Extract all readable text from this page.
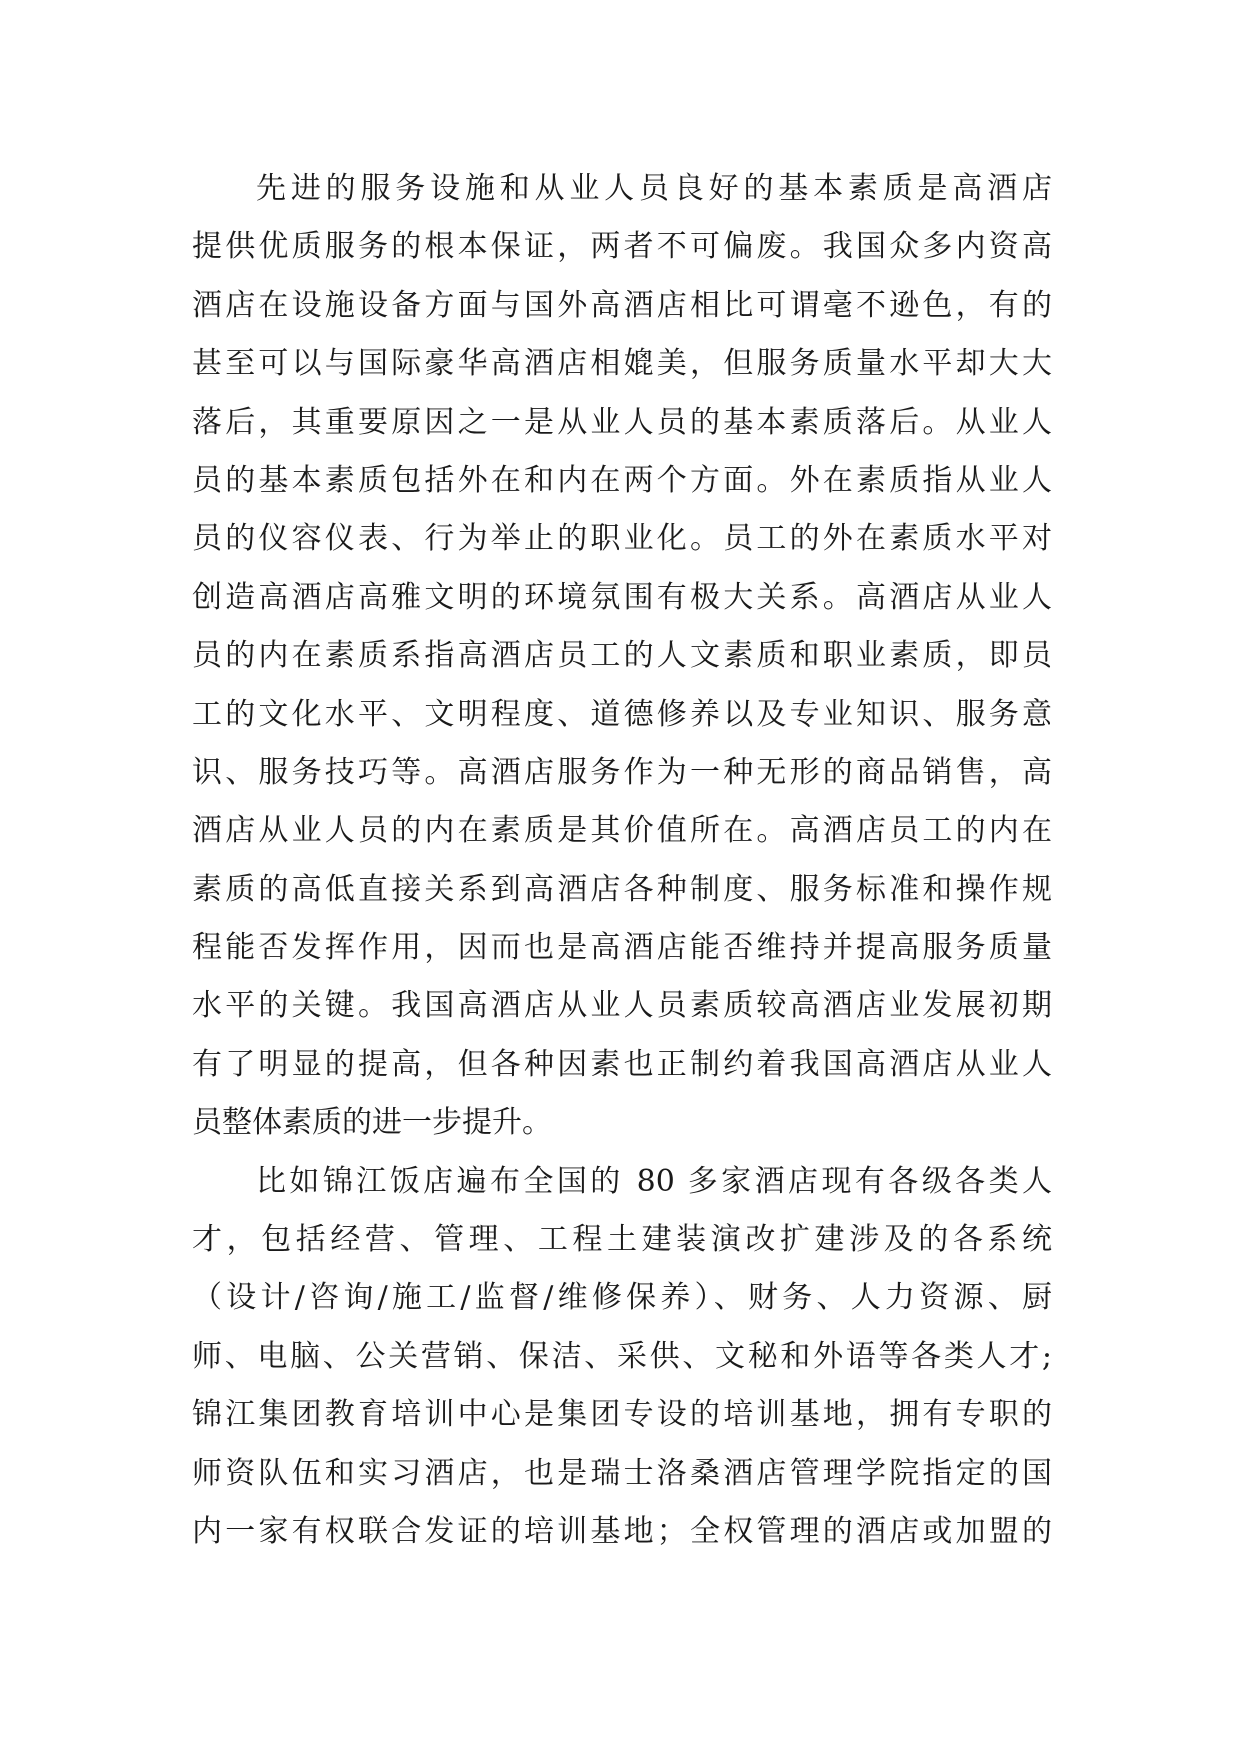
先进的服务设施和从业人员良好的基本素质是高酒店
提供优质服务的根本保证，两者不可偏废。我国众多内资高
酒店在设施设备方面与国外高酒店相比可谓毫不逊色，有的
甚至可以与国际豪华高酒店相媲美，但服务质量水平却大大
落后，其重要原因之一是从业人员的基本素质落后。从业人
员的基本素质包括外在和内在两个方面。外在素质指从业人
员的仪容仪表、行为举止的职业化。员工的外在素质水平对
创造高酒店高雅文明的环境氛围有极大关系。高酒店从业人
员的内在素质系指高酒店员工的人文素质和职业素质，即员
工的文化水平、文明程度、道德修养以及专业知识、服务意
识、服务技巧等。高酒店服务作为一种无形的商品销售，高
酒店从业人员的内在素质是其价值所在。高酒店员工的内在
素质的高低直接关系到高酒店各种制度、服务标准和操作规
程能否发挥作用，因而也是高酒店能否维持并提高服务质量
水平的关键。我国高酒店从业人员素质较高酒店业发展初期
有了明显的提高，但各种因素也正制约着我国高酒店从业人
员整体素质的进一步提升。
比如锦江饭店遍布全国的 80 多家酒店现有各级各类人
才，包括经营、管理、工程土建装演改扩建涉及的各系统
（设计/咨询/施工/监督/维修保养）、财务、人力资源、厨
师、电脑、公关营销、保洁、采供、文秘和外语等各类人才;
锦江集团教育培训中心是集团专设的培训基地，拥有专职的
师资队伍和实习酒店，也是瑞士洛桑酒店管理学院指定的国
内一家有权联合发证的培训基地；全权管理的酒店或加盟的
